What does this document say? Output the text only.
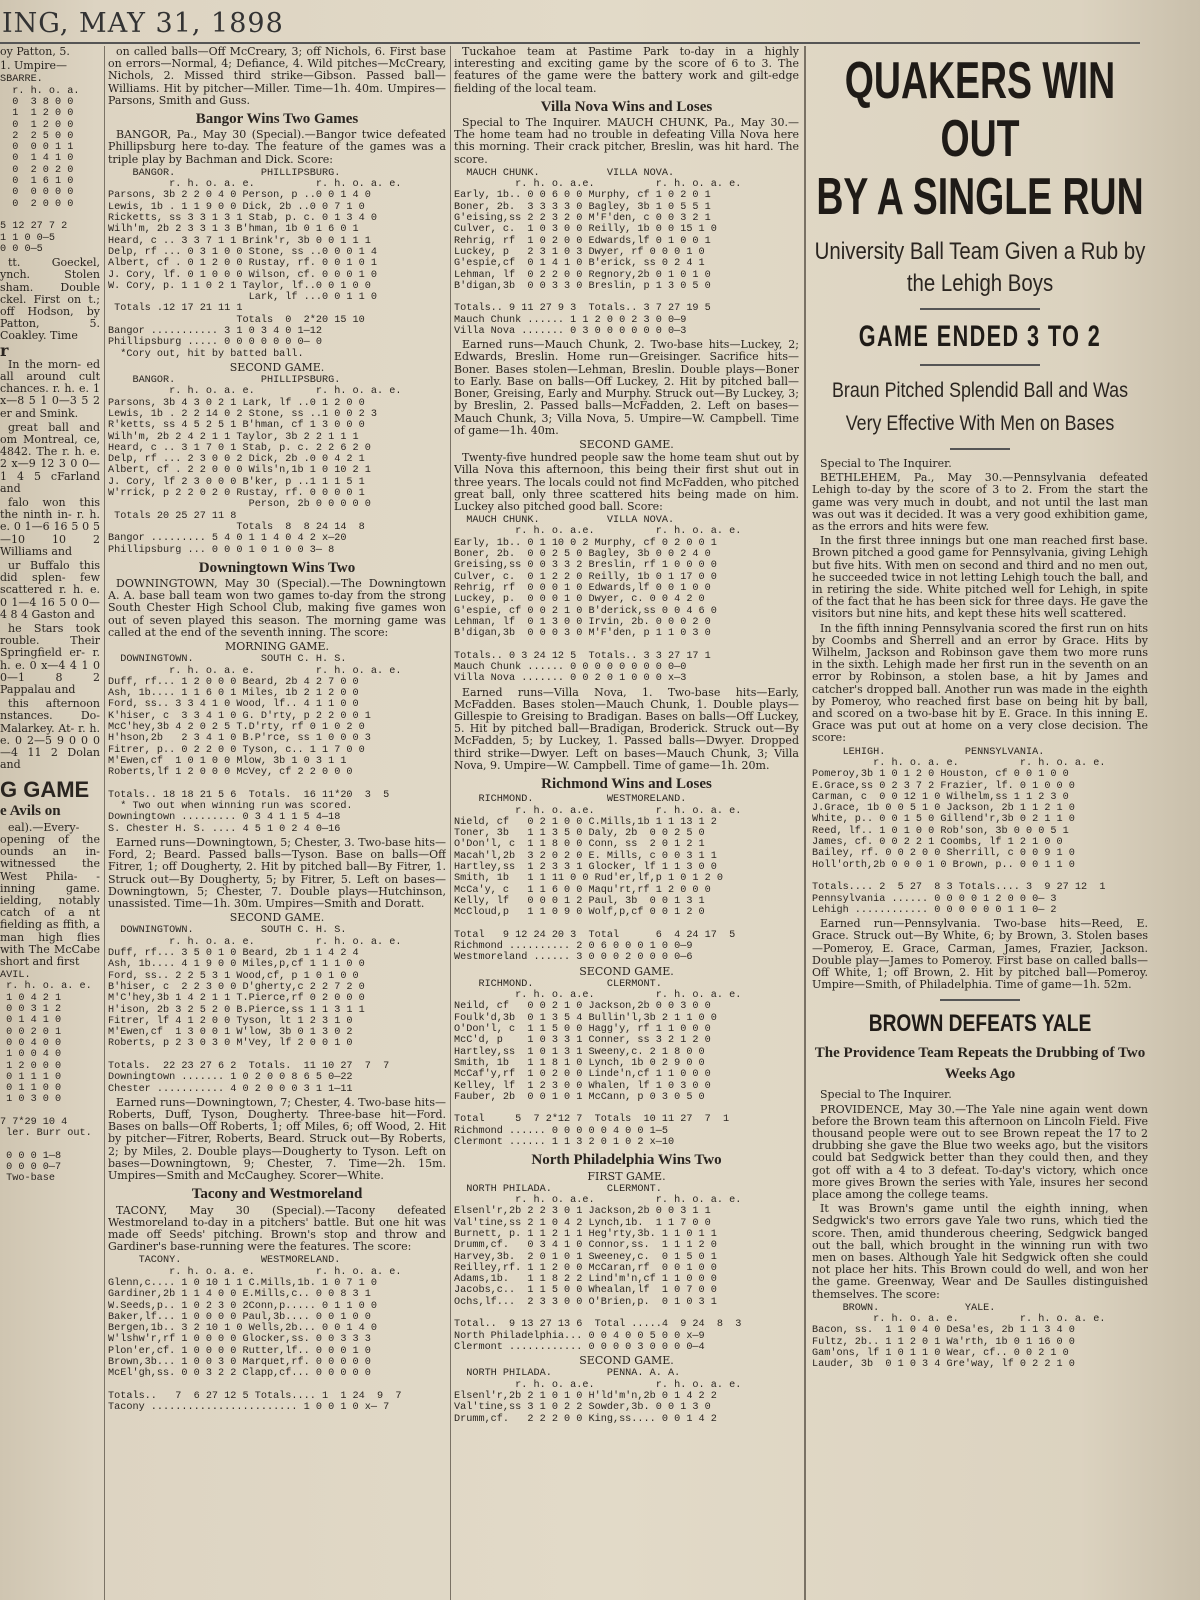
ING, MAY 31, 1898

oy Patton, 5.

1. Umpire—

SBARRE.
r. h. o. a.
0  3 8 0 0
1  1 2 0 0
0  1 2 0 0
2  2 5 0 0
0  0 0 1 1
0  1 4 1 0
0  2 0 2 0
0  1 6 1 0
0  0 0 0 0
0  2 0 0 0

5 12 27 7 2
1 1 0 0—5
0 0 0—5

tt. Goeckel, ynch. Stolen sham. Double ckel. First on t.; off Hodson, by Patton, 5. Coakley. Time

r

In the morn- ed all around cult chances. r. h. e. 1 x—8 5 1 0—3 5 2 er and Smink.

great ball and om Montreal, ce, 4842. The r. h. e. 2 x—9 12 3 0 0—1 4 5 cFarland and

falo won this the ninth in- r. h. e. 0 1—6 16 5 0 5—10 10 2 Williams and

ur Buffalo this did splen- few scattered r. h. e. 0 1—4 16 5 0 0—4 8 4 Gaston and

he Stars took rouble. Their Springfield er- r. h. e. 0 x—4 4 1 0 0—1 8 2 Pappalau and

this afternoon nstances. Do- Malarkey. At- r. h. e. 0 2—5 9 0 0 0—4 11 2 Dolan and

G GAME
e Avils on

eal).—Every- opening of the ounds an in- witnessed the West Phila- -inning game. ielding, notably catch of a nt fielding as ffith, a man high flies with The McCabe short and first

AVIL.
r. h. o. a. e.
1 0 4 2 1
0 0 3 1 2
0 1 4 1 0
0 0 2 0 1
0 0 4 0 0
1 0 0 4 0
1 2 0 0 0
0 1 1 1 0
0 1 1 0 0
1 0 3 0 0

7 7*29 10 4
ler. Burr out.

0 0 0 1—8
0 0 0 0—7
Two-base

on called balls—Off McCreary, 3; off Nichols, 6. First base on errors—Normal, 4; Defiance, 4. Wild pitches—McCreary, Nichols, 2. Missed third strike—Gibson. Passed ball—Williams. Hit by pitcher—Miller. Time—1h. 40m. Umpires—Parsons, Smith and Guss.

Bangor Wins Two Games

BANGOR, Pa., May 30 (Special).—Bangor twice defeated Phillipsburg here to-day. The feature of the games was a triple play by Bachman and Dick. Score:

BANGOR.              PHILLIPSBURG.
r. h. o. a. e.          r. h. o. a. e.
Parsons, 3b 2 2 0 4 0 Person, p ..0 0 1 4 0
Lewis, 1b . 1 1 9 0 0 Dick, 2b ..0 0 7 1 0
Ricketts, ss 3 3 1 3 1 Stab, p. c. 0 1 3 4 0
Wilh'm, 2b 2 3 3 1 3 B'hman, 1b 0 1 6 0 1
Heard, c .. 3 3 7 1 1 Brink'r, 3b 0 0 1 1 1
Delp, rf ... 0 3 1 0 0 Stone, ss ..0 0 0 1 4
Albert, cf . 0 1 2 0 0 Rustay, rf. 0 0 1 0 1
J. Cory, lf. 0 1 0 0 0 Wilson, cf. 0 0 0 1 0
W. Cory, p. 1 1 0 2 1 Taylor, lf..0 0 1 0 0
Lark, lf ...0 0 1 1 0
Totals .12 17 21 11 1
Totals  0  2*20 15 10
Bangor ........... 3 1 0 3 4 0 1—12
Phillipsburg ..... 0 0 0 0 0 0 0— 0
*Cory out, hit by batted ball.
SECOND GAME.
BANGOR.              PHILLIPSBURG.
r. h. o. a. e.          r. h. o. a. e.
Parsons, 3b 4 3 0 2 1 Lark, lf ..0 1 2 0 0
Lewis, 1b . 2 2 14 0 2 Stone, ss ..1 0 0 2 3
R'ketts, ss 4 5 2 5 1 B'hman, cf 1 3 0 0 0
Wilh'm, 2b 2 4 2 1 1 Taylor, 3b 2 2 1 1 1
Heard, c .. 3 1 7 0 1 Stab, p. c. 2 2 6 2 0
Delp, rf ... 2 3 0 0 2 Dick, 2b .0 0 4 2 1
Albert, cf . 2 2 0 0 0 Wils'n,1b 1 0 10 2 1
J. Cory, lf 2 3 0 0 0 B'ker, p ..1 1 1 5 1
W'rrick, p 2 2 0 2 0 Rustay, rf. 0 0 0 0 1
Person, 2b 0 0 0 0 0
Totals 20 25 27 11 8
Totals  8  8 24 14  8
Bangor ......... 5 4 0 1 1 4 0 4 2 x—20
Phillipsburg ... 0 0 0 1 0 1 0 0 3— 8
Downingtown Wins Two

DOWNINGTOWN, May 30 (Special).—The Downingtown A. A. base ball team won two games to-day from the strong South Chester High School Club, making five games won out of seven played this season. The morning game was called at the end of the seventh inning. The score:

MORNING GAME.
DOWNINGTOWN.           SOUTH C. H. S.
r. h. o. a. e.          r. h. o. a. e.
Duff, rf... 1 2 0 0 0 Beard, 2b 4 2 7 0 0
Ash, 1b.... 1 1 6 0 1 Miles, 1b 2 1 2 0 0
Ford, ss.. 3 3 4 1 0 Wood, lf.. 4 1 1 0 0
K'hiser, c  3 3 4 1 0 G. D'rty, p 2 2 0 0 1
McC'hey,3b 4 2 0 2 5 T.D'rty, rf 0 1 0 2 0
H'hson,2b   2 3 4 1 0 B.P'rce, ss 1 0 0 0 3
Fitrer, p.. 0 2 2 0 0 Tyson, c.. 1 1 7 0 0
M'Ewen,cf  1 0 1 0 0 Mlow, 3b 1 0 3 1 1
Roberts,lf 1 2 0 0 0 McVey, cf 2 2 0 0 0

Totals.. 18 18 21 5 6  Totals.  16 11*20  3  5
* Two out when winning run was scored.
Downingtown ......... 0 3 4 1 1 5 4—18
S. Chester H. S. .... 4 5 1 0 2 4 0—16

Earned runs—Downingtown, 5; Chester, 3. Two-base hits—Ford, 2; Beard. Passed balls—Tyson. Base on balls—Off Fitrer, 1; off Dougherty, 2. Hit by pitched ball—By Fitrer, 1. Struck out—By Dougherty, 5; by Fitrer, 5. Left on bases—Downingtown, 5; Chester, 7. Double plays—Hutchinson, unassisted. Time—1h. 30m. Umpires—Smith and Doratt.

SECOND GAME.
DOWNINGTOWN.           SOUTH C. H. S.
r. h. o. a. e.          r. h. o. a. e.
Duff, rf... 3 5 0 1 0 Beard, 2b 1 1 4 2 4
Ash, 1b.... 4 1 9 0 0 Miles,p,cf 1 1 1 0 0
Ford, ss.. 2 2 5 3 1 Wood,cf, p 1 0 1 0 0
B'hiser, c  2 2 3 0 0 D'gherty,c 2 2 7 2 0
M'C'hey,3b 1 4 2 1 1 T.Pierce,rf 0 2 0 0 0
H'ison, 2b 3 2 5 2 0 B.Pierce,ss 1 1 3 1 1
Fitrer, lf 4 1 2 0 0 Tyson, lt 1 2 3 1 0
M'Ewen,cf  1 3 0 0 1 W'low, 3b 0 1 3 0 2
Roberts, p 2 3 0 3 0 M'Vey, lf 2 0 0 1 0

Totals.  22 23 27 6 2  Totals.  11 10 27  7  7
Downingtown ....... 1 0 2 0 0 8 6 5 0—22
Chester ........... 4 0 2 0 0 0 3 1 1—11

Earned runs—Downingtown, 7; Chester, 4. Two-base hits—Roberts, Duff, Tyson, Dougherty. Three-base hit—Ford. Bases on balls—Off Roberts, 1; off Miles, 6; off Wood, 2. Hit by pitcher—Fitrer, Roberts, Beard. Struck out—By Roberts, 2; by Miles, 2. Double plays—Dougherty to Tyson. Left on bases—Downingtown, 9; Chester, 7. Time—2h. 15m. Umpires—Smith and McCaughey. Scorer—White.

Tacony and Westmoreland

TACONY, May 30 (Special).—Tacony defeated Westmoreland to-day in a pitchers' battle. But one hit was made off Seeds' pitching. Brown's stop and throw and Gardiner's base-running were the features. The score:

TACONY.             WESTMORELAND.
r. h. o. a. e.          r. h. o. a. e.
Glenn,c.... 1 0 10 1 1 C.Mills,1b. 1 0 7 1 0
Gardiner,2b 1 1 4 0 0 E.Mills,c.. 0 0 8 3 1
W.Seeds,p.. 1 0 2 3 0 2Conn,p..... 0 1 1 0 0
Baker,lf... 1 0 0 0 0 Paul,3b.... 0 0 1 0 0
Bergen,1b.. 3 2 10 1 0 Wells,2b... 0 0 1 4 0
W'lshw'r,rf 1 0 0 0 0 Glocker,ss. 0 0 3 3 3
Plon'er,cf. 1 0 0 0 0 Rutter,lf.. 0 0 0 1 0
Brown,3b... 1 0 0 3 0 Marquet,rf. 0 0 0 0 0
McEl'gh,ss. 0 0 3 2 2 Clapp,cf... 0 0 0 0 0

Totals..   7  6 27 12 5 Totals.... 1  1 24  9  7
Tacony ........................ 1 0 0 1 0 x— 7

Tuckahoe team at Pastime Park to-day in a highly interesting and exciting game by the score of 6 to 3. The features of the game were the battery work and gilt-edge fielding of the local team.

Villa Nova Wins and Loses

Special to The Inquirer. MAUCH CHUNK, Pa., May 30.—The home team had no trouble in defeating Villa Nova here this morning. Their crack pitcher, Breslin, was hit hard. The score.

MAUCH CHUNK.           VILLA NOVA.
r. h. o. a.e.          r. h. o. a. e.
Early, 1b.. 0 0 6 0 0 Murphy, cf 1 0 2 0 1
Boner, 2b.  3 3 3 3 0 Bagley, 3b 1 0 5 5 1
G'eising,ss 2 2 3 2 0 M'F'den, c 0 0 3 2 1
Culver, c.  1 0 3 0 0 Reilly, 1b 0 0 15 1 0
Rehrig, rf  1 0 2 0 0 Edwards,lf 0 1 0 0 1
Luckey, p   2 3 1 0 3 Dwyer, rf 0 0 0 1 0
G'espie,cf  0 1 4 1 0 B'erick, ss 0 2 4 1
Lehman, lf  0 2 2 0 0 Regnory,2b 0 1 0 1 0
B'digan,3b  0 0 3 3 0 Breslin, p 1 3 0 5 0

Totals.. 9 11 27 9 3  Totals.. 3 7 27 19 5
Mauch Chunk ...... 1 1 2 0 0 2 3 0 0—9
Villa Nova ....... 0 3 0 0 0 0 0 0 0—3

Earned runs—Mauch Chunk, 2. Two-base hits—Luckey, 2; Edwards, Breslin. Home run—Greisinger. Sacrifice hits—Boner. Bases stolen—Lehman, Breslin. Double plays—Boner to Early. Base on balls—Off Luckey, 2. Hit by pitched ball—Boner, Greising, Early and Murphy. Struck out—By Luckey, 3; by Breslin, 2. Passed balls—McFadden, 2. Left on bases—Mauch Chunk, 3; Villa Nova, 5. Umpire—W. Campbell. Time of game—1h. 40m.

SECOND GAME.

Twenty-five hundred people saw the home team shut out by Villa Nova this afternoon, this being their first shut out in three years. The locals could not find McFadden, who pitched great ball, only three scattered hits being made on him. Luckey also pitched good ball. Score:

MAUCH CHUNK.           VILLA NOVA.
r. h. o. a.e.          r. h. o. a. e.
Early, 1b.. 0 1 10 0 2 Murphy, cf 0 2 0 0 1
Boner, 2b.  0 0 2 5 0 Bagley, 3b 0 0 2 4 0
Greising,ss 0 0 3 3 2 Breslin, rf 1 0 0 0 0
Culver, c.  0 1 2 2 0 Reilly, 1b 0 1 17 0 0
Rehrig, rf  0 0 0 1 0 Edwards,lf 0 0 1 0 0
Luckey, p.  0 0 0 1 0 Dwyer, c. 0 0 4 2 0
G'espie, cf 0 0 2 1 0 B'derick,ss 0 0 4 6 0
Lehman, lf  0 1 3 0 0 Irvin, 2b. 0 0 0 2 0
B'digan,3b  0 0 0 3 0 M'F'den, p 1 1 0 3 0

Totals.. 0 3 24 12 5  Totals.. 3 3 27 17 1
Mauch Chunk ...... 0 0 0 0 0 0 0 0 0—0
Villa Nova ....... 0 0 2 0 1 0 0 0 x—3

Earned runs—Villa Nova, 1. Two-base hits—Early, McFadden. Bases stolen—Mauch Chunk, 1. Double plays—Gillespie to Greising to Bradigan. Bases on balls—Off Luckey, 5. Hit by pitched ball—Bradigan, Broderick. Struck out—By McFadden, 5; by Luckey, 1. Passed balls—Dwyer. Dropped third strike—Dwyer. Left on bases—Mauch Chunk, 3; Villa Nova, 9. Umpire—W. Campbell. Time of game—1h. 20m.

Richmond Wins and Loses
RICHMOND.            WESTMORELAND.
r. h. o. a.e.          r. h. o. a. e.
Nield, cf   0 2 1 0 0 C.Mills,1b 1 1 13 1 2
Toner, 3b   1 1 3 5 0 Daly, 2b  0 0 2 5 0
O'Don'l, c  1 1 8 0 0 Conn, ss  2 0 1 2 1
Macah'l,2b  3 2 0 2 0 E. Mills, c 0 0 3 1 1
Hartley,ss  1 2 3 3 1 Glocker, lf 1 1 3 0 0
Smith, 1b   1 1 11 0 0 Rud'er,lf,p 1 0 1 2 0
McCa'y, c   1 1 6 0 0 Maqu'rt,rf 1 2 0 0 0
Kelly, lf   0 0 0 1 2 Paul, 3b  0 0 1 3 1
McCloud,p   1 1 0 9 0 Wolf,p,cf 0 0 1 2 0

Total   9 12 24 20 3  Total      6  4 24 17  5
Richmond .......... 2 0 6 0 0 0 1 0 0—9
Westmoreland ...... 3 0 0 0 2 0 0 0 0—6
SECOND GAME.
RICHMOND.            CLERMONT.
r. h. o. a.e.          r. h. o. a. e.
Neild, cf   0 0 2 1 0 Jackson,2b 0 0 3 0 0
Foulk'd,3b  0 1 3 5 4 Bullin'l,3b 2 1 1 0 0
O'Don'l, c  1 1 5 0 0 Hagg'y, rf 1 1 0 0 0
McC'd, p    1 0 3 3 1 Conner, ss 3 2 1 2 0
Hartley,ss  1 0 1 3 1 Sweeny,c. 2 1 8 0 0
Smith, 1b   1 1 8 1 0 Lynch, 1b 0 2 9 0 0
McCaf'y,rf  1 0 2 0 0 Linde'n,cf 1 1 0 0 0
Kelley, lf  1 2 3 0 0 Whalen, lf 1 0 3 0 0
Fauber, 2b  0 0 1 0 1 McCann, p 0 3 0 5 0

Total     5  7 2*12 7  Totals  10 11 27  7  1
Richmond ...... 0 0 0 0 0 4 0 0 1—5
Clermont ...... 1 1 3 2 0 1 0 2 x—10
North Philadelphia Wins Two
FIRST GAME.
NORTH PHILADA.         CLERMONT.
r. h. o. a.e.          r. h. o. a. e.
Elsenl'r,2b 2 2 3 0 1 Jackson,2b 0 0 3 1 1
Val'tine,ss 2 1 0 4 2 Lynch,1b.  1 1 7 0 0
Burnett, p. 1 1 2 1 1 Heg'rty,3b. 1 1 0 1 1
Drumm,cf.   0 3 4 1 0 Connor,ss.  1 1 1 2 0
Harvey,3b.  2 0 1 0 1 Sweeney,c.  0 1 5 0 1
Reilley,rf. 1 1 2 0 0 McCaran,rf  0 0 1 0 0
Adams,1b.   1 1 8 2 2 Lind'm'n,cf 1 1 0 0 0
Jacobs,c..  1 1 5 0 0 Whealan,lf  1 0 7 0 0
Ochs,lf...  2 3 3 0 0 O'Brien,p.  0 1 0 3 1

Total..  9 13 27 13 6  Total .....4  9 24  8  3
North Philadelphia... 0 0 4 0 0 5 0 0 x—9
Clermont ............ 0 0 0 0 3 0 0 0 0—4
SECOND GAME.
NORTH PHILADA.         PENNA. A. A.
r. h. o. a.e.          r. h. o. a. e.
Elsenl'r,2b 2 1 0 1 0 H'ld'm'n,2b 0 1 4 2 2
Val'tine,ss 3 1 0 2 2 Sowder,3b. 0 0 1 3 0
Drumm,cf.   2 2 2 0 0 King,ss.... 0 0 1 4 2
QUAKERS WIN OUT
BY A SINGLE RUN
University Ball Team Given a Rub by the Lehigh Boys
GAME ENDED 3 TO 2
Braun Pitched Splendid Ball and Was Very Effective With Men on Bases

Special to The Inquirer.

BETHLEHEM, Pa., May 30.—Pennsylvania defeated Lehigh to-day by the score of 3 to 2. From the start the game was very much in doubt, and not until the last man was out was it decided. It was a very good exhibition game, as the errors and hits were few.

In the first three innings but one man reached first base. Brown pitched a good game for Pennsylvania, giving Lehigh but five hits. With men on second and third and no men out, he succeeded twice in not letting Lehigh touch the ball, and in retiring the side. White pitched well for Lehigh, in spite of the fact that he has been sick for three days. He gave the visitors but nine hits, and kept these hits well scattered.

In the fifth inning Pennsylvania scored the first run on hits by Coombs and Sherrell and an error by Grace. Hits by Wilhelm, Jackson and Robinson gave them two more runs in the sixth. Lehigh made her first run in the seventh on an error by Robinson, a stolen base, a hit by James and catcher's dropped ball. Another run was made in the eighth by Pomeroy, who reached first base on being hit by ball, and scored on a two-base hit by E. Grace. In this inning E. Grace was put out at home on a very close decision. The score:

LEHIGH.             PENNSYLVANIA.
r. h. o. a. e.          r. h. o. a. e.
Pomeroy,3b 1 0 1 2 0 Houston, cf 0 0 1 0 0
E.Grace,ss 0 2 3 7 2 Frazier, lf. 0 1 0 0 0
Carman, c  0 0 12 1 0 Wilhelm,ss 1 1 2 3 0
J.Grace, 1b 0 0 5 1 0 Jackson, 2b 1 1 2 1 0
White, p.. 0 0 1 5 0 Gillend'r,3b 0 2 1 1 0
Reed, lf.. 1 0 1 0 0 Rob'son, 3b 0 0 0 5 1
James, cf. 0 0 2 2 1 Coombs, lf 1 2 1 0 0
Bailey, rf. 0 0 2 0 0 Sherrill, c 0 0 9 1 0
Holl'orth,2b 0 0 0 1 0 Brown, p.. 0 0 1 1 0

Totals.... 2  5 27  8 3 Totals.... 3  9 27 12  1
Pennsylvania ...... 0 0 0 0 1 2 0 0 0— 3
Lehigh ............ 0 0 0 0 0 0 1 1 0— 2

Earned run—Pennsylvania. Two-base hits—Reed, E. Grace. Struck out—By White, 6; by Brown, 3. Stolen bases—Pomeroy, E. Grace, Carman, James, Frazier, Jackson. Double play—James to Pomeroy. First base on called balls—Off White, 1; off Brown, 2. Hit by pitched ball—Pomeroy. Umpire—Smith, of Philadelphia. Time of game—1h. 52m.

BROWN DEFEATS YALE
The Providence Team Repeats the Drubbing of Two Weeks Ago

Special to The Inquirer.

PROVIDENCE, May 30.—The Yale nine again went down before the Brown team this afternoon on Lincoln Field. Five thousand people were out to see Brown repeat the 17 to 2 drubbing she gave the Blue two weeks ago, but the visitors could bat Sedgwick better than they could then, and they got off with a 4 to 3 defeat. To-day's victory, which once more gives Brown the series with Yale, insures her second place among the college teams.

It was Brown's game until the eighth inning, when Sedgwick's two errors gave Yale two runs, which tied the score. Then, amid thunderous cheering, Sedgwick banged out the ball, which brought in the winning run with two men on bases. Although Yale hit Sedgwick often she could not place her hits. This Brown could do well, and won her the game. Greenway, Wear and De Saulles distinguished themselves. The score:

BROWN.              YALE.
r. h. o. a. e.          r. h. o. a. e.
Bacon, ss.  1 1 0 4 0 DeSa'es, 2b 1 1 3 4 0
Fultz, 2b.. 1 1 2 0 1 Wa'rth, 1b 0 1 16 0 0
Gam'ons, lf 1 0 1 1 0 Wear, cf.. 0 0 2 1 0
Lauder, 3b  0 1 0 3 4 Gre'way, lf 0 2 2 1 0
